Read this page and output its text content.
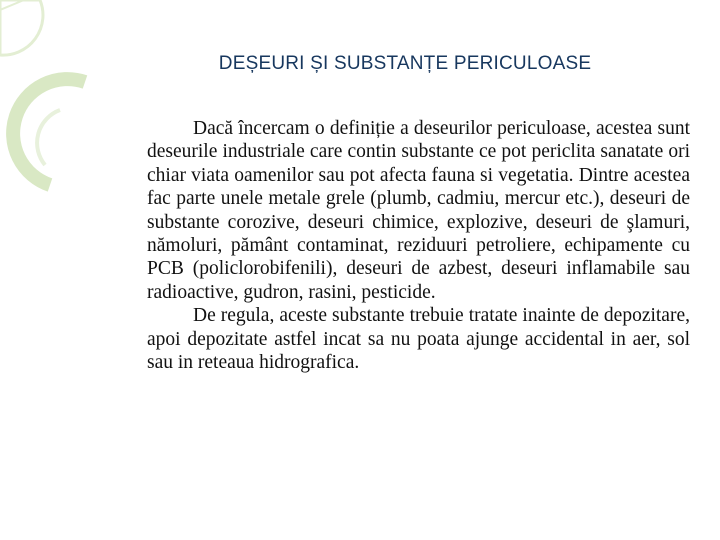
DEȘEURI ȘI SUBSTANȚE PERICULOASE

Dacă încercam o definiție a deseurilor periculoase, acestea sunt deseurile industriale care contin substante ce pot periclita sanatate ori chiar viata oamenilor sau pot afecta fauna si vegetatia. Dintre acestea fac parte unele metale grele (plumb, cadmiu, mercur etc.), deseuri de substante corozive, deseuri chimice, explozive, deseuri de şlamuri, nămoluri, pământ contaminat, reziduuri petroliere, echipamente cu PCB (policlorobifenili), deseuri de azbest, deseuri inflamabile sau radioactive, gudron, rasini, pesticide.

De regula, aceste substante trebuie tratate inainte de depozitare, apoi depozitate astfel incat sa nu poata ajunge accidental in aer, sol sau in reteaua hidrografica.
